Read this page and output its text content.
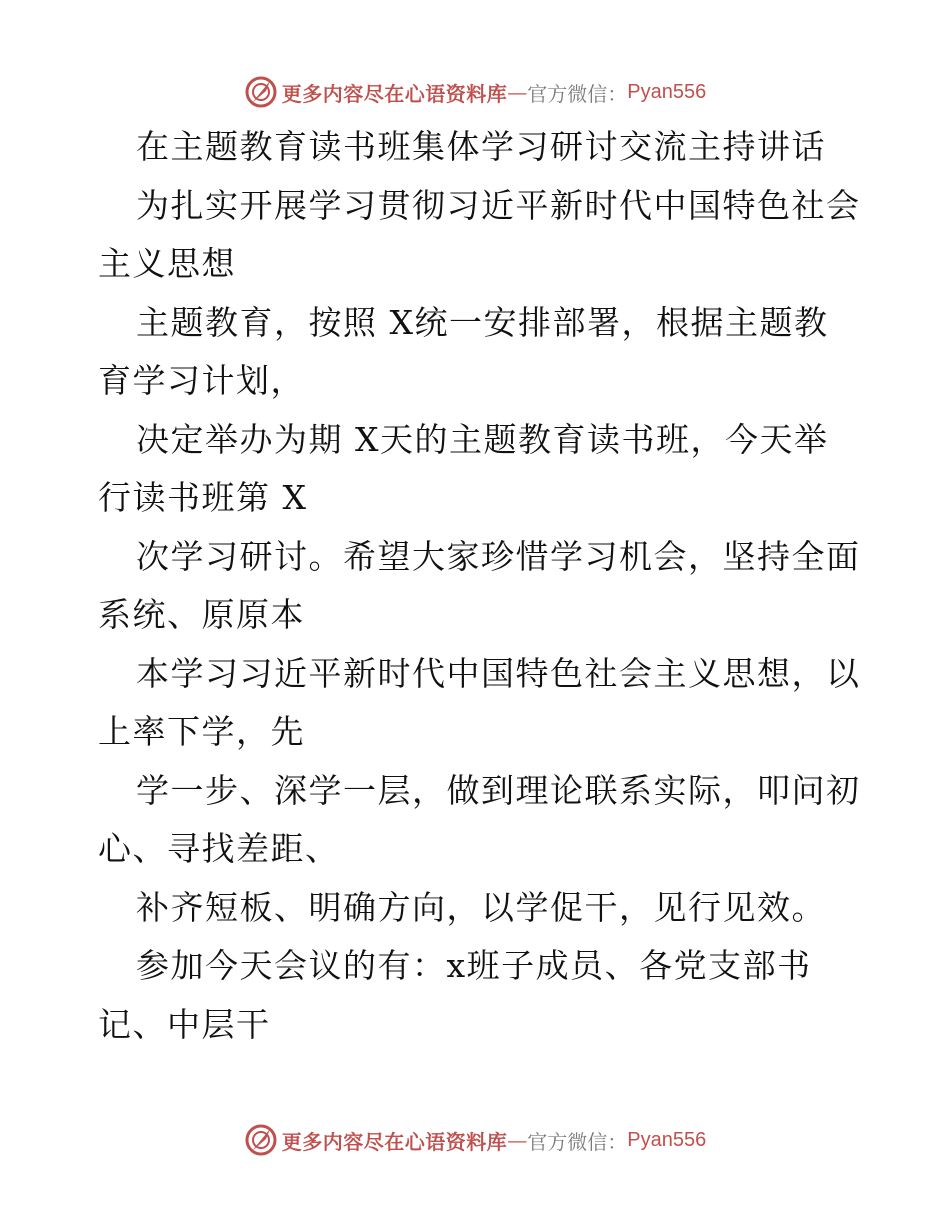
更多内容尽在心语资料库 — 官方微信： Pyan556
在主题教育读书班集体学习研讨交流主持讲话
为扎实开展学习贯彻习近平新时代中国特色社会
主义思想
主题教育，按照 X统一安排部署，根据主题教
育学习计划，
决定举办为期 X天的主题教育读书班，今天举
行读书班第 X
次学习研讨。希望大家珍惜学习机会，坚持全面
系统、原原本
本学习习近平新时代中国特色社会主义思想，以
上率下学，先
学一步、深学一层，做到理论联系实际，叩问初
心、寻找差距、
补齐短板、明确方向，以学促干，见行见效。
参加今天会议的有：x班子成员、各党支部书
记、中层干
更多内容尽在心语资料库 — 官方微信： Pyan556
